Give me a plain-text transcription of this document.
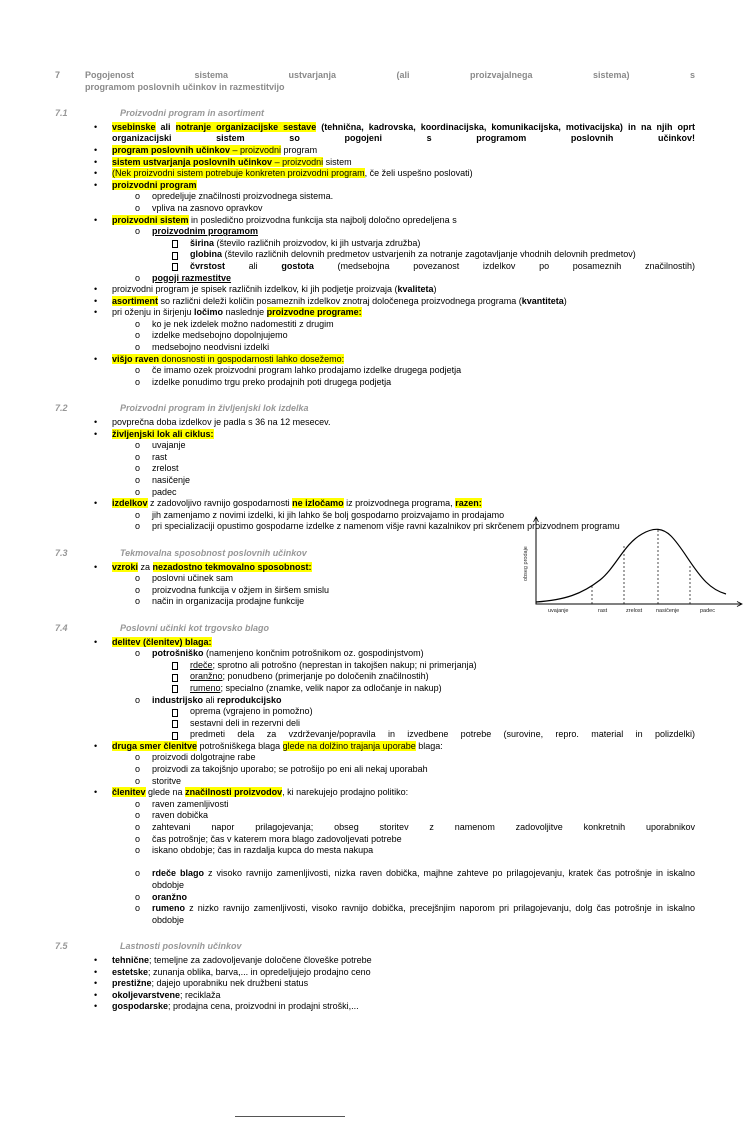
7	Pogojenost sistema ustvarjanja (ali proizvajalnega sistema) s
programom poslovnih učinkov in razmestitvijo
7.1	Proizvodni program in asortiment
• vsebinske ali notranje organizacijske sestave (tehnična, kadrovska, koordinacijska, komunikacijska, motivacijska) in na njih oprt organizacijski sistem so pogojeni s programom poslovnih učinkov!
• program poslovnih učinkov – proizvodni program
• sistem ustvarjanja poslovnih učinkov – proizvodni sistem
• (Nek proizvodni sistem potrebuje konkreten proizvodni program, če želi uspešno poslovati)
• proizvodni program
o opredeljuje značilnosti proizvodnega sistema.
o vpliva na zasnovo opravkov
• proizvodni sistem in posledično proizvodna funkcija sta najbolj določno opredeljena s
o proizvodnim programom
širina (število različnih proizvodov, ki jih ustvarja združba)
globina (število različnih delovnih predmetov ustvarjenih za notranje zagotavljanje vhodnih delovnih predmetov)
čvrstost ali gostota (medsebojna povezanost izdelkov po posameznih značilnostih)
o pogoji razmestitve
• proizvodni program je spisek različnih izdelkov, ki jih podjetje proizvaja (kvaliteta)
• asortiment so različni deleži količin posameznih izdelkov znotraj določenega proizvodnega programa (kvantiteta)
• pri oženju in širjenju ločimo naslednje proizvodne programe:
o ko je nek izdelek možno nadomestiti z drugim
o izdelke medsebojno dopolnjujemo
o medsebojno neodvisni izdelki
• višjo raven donosnosti in gospodarnosti lahko dosežemo:
o če imamo ozek proizvodni program lahko prodajamo izdelke drugega podjetja
o izdelke ponudimo trgu preko prodajnih poti drugega podjetja
7.2	Proizvodni program in življenjski lok izdelka
• povprečna doba izdelkov je padla s 36 na 12 mesecev.
• življenjski lok ali ciklus:
o uvajanje
o rast
o zrelost
o nasičenje
o padec
• izdelkov z zadovoljivo ravnijo gospodarnosti ne izločamo iz proizvodnega programa, razen:
o jih zamenjamo z novimi izdelki, ki jih lahko še bolj gospodarno proizvajamo in prodajamo
o pri specializaciji opustimo gospodarne izdelke z namenom višje ravni kazalnikov pri skrčenem proizvodnem programu
7.3	Tekmovalna sposobnost poslovnih učinkov
• vzroki za nezadostno tekmovalno sposobnost:
o poslovni učinek sam
o proizvodna funkcija v ožjem in širšem smislu
o način in organizacija prodajne funkcije
7.4	Poslovni učinki kot trgovsko blago
• delitev (členitev) blaga:
o potrošniško (namenjeno končnim potrošnikom oz. gospodinjstvom)
rdeče; sprotno ali potrošno (neprestan in takojšen nakup; ni primerjanja)
oranžno; ponudbeno (primerjanje po določenih značilnostih)
rumeno; specialno (znamke, velik napor za odločanje in nakup)
o industrijsko ali reprodukcijsko
oprema (vgrajeno in pomožno)
sestavni deli in rezervni deli
predmeti dela za vzdrževanje/popravila in izvedbene potrebe (surovine, repro. material in polizdelki)
• druga smer členitve potrošniškega blaga glede na dolžino trajanja uporabe blaga:
o proizvodi dolgotrajne rabe
o proizvodi za takojšnjo uporabo; se potrošijo po eni ali nekaj uporabah
o storitve
• členitev glede na značilnosti proizvodov, ki narekujejo prodajno politiko:
o raven zamenljivosti
o raven dobička
o zahtevani napor prilagojevanja; obseg storitev z namenom zadovoljitve konkretnih uporabnikov
o čas potrošnje; čas v katerem mora blago zadovoljevati potrebe
o iskano obdobje; čas in razdalja kupca do mesta nakupa
o rdeče blago z visoko ravnijo zamenljivosti, nizka raven dobička, majhne zahteve po prilagojevanju, kratek čas potrošnje in iskalno obdobje
o oranžno
o rumeno z nizko ravnijo zamenljivosti, visoko ravnijo dobička, precejšnjim naporom pri prilagojevanju, dolg čas potrošnje in iskalno obdobje
7.5	Lastnosti poslovnih učinkov
• tehnične; temeljne za zadovoljevanje določene človeške potrebe
• estetske; zunanja oblika, barva,... in opredeljujejo prodajno ceno
• prestižne; dajejo uporabniku nek družbeni status
• okoljevarstvene; reciklaža
• gospodarske; prodajna cena, proizvodni in prodajni stroški,...
obseg prodaje
uvajanje	rast	zrelost	nasičenje	padec
